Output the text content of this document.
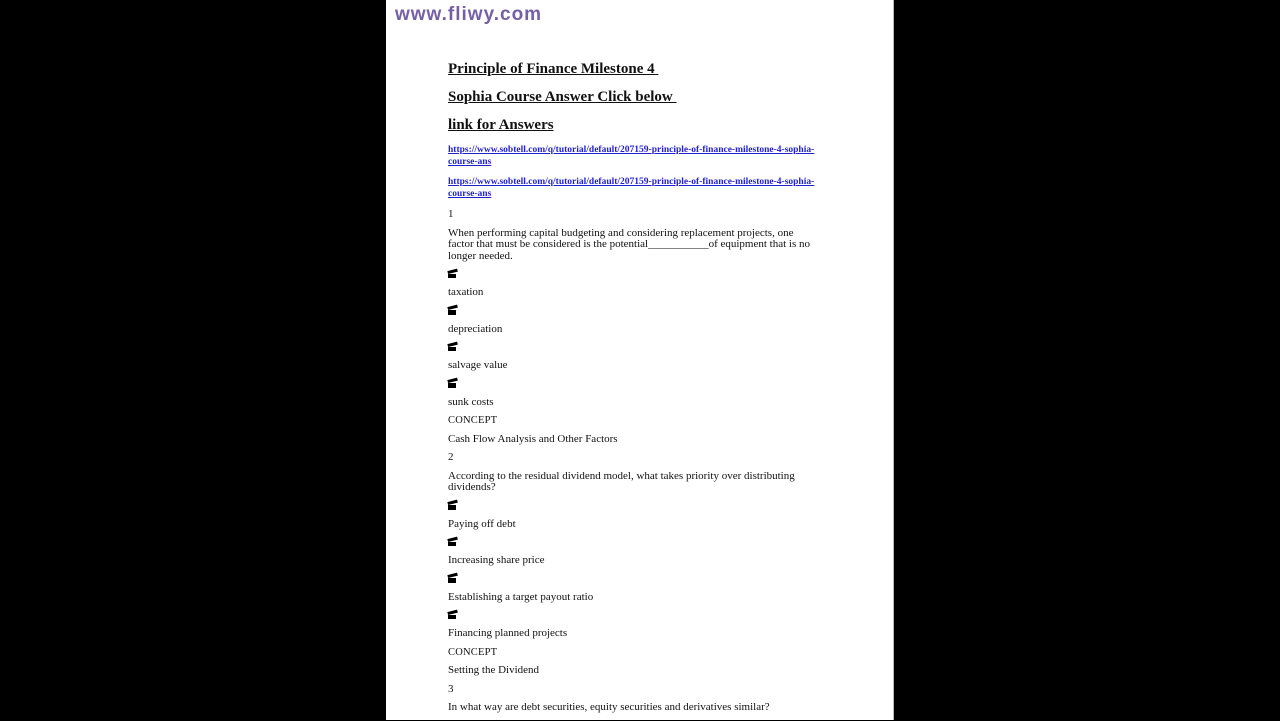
www.fliwy.com

Principle of Finance Milestone 4

Sophia Course Answer Click below

link for Answers

https://www.sobtell.com/q/tutorial/default/207159-principle-of-finance-milestone-4-sophia-course-ans
https://www.sobtell.com/q/tutorial/default/207159-principle-of-finance-milestone-4-sophia-course-ans

1

When performing capital budgeting and considering replacement projects, one factor that must be considered is the potential___________of equipment that is no longer needed.

taxation

depreciation

salvage value

sunk costs

CONCEPT

Cash Flow Analysis and Other Factors

2

According to the residual dividend model, what takes priority over distributing dividends?

Paying off debt

Increasing share price

Establishing a target payout ratio

Financing planned projects

CONCEPT

Setting the Dividend

3

In what way are debt securities, equity securities and derivatives similar?
